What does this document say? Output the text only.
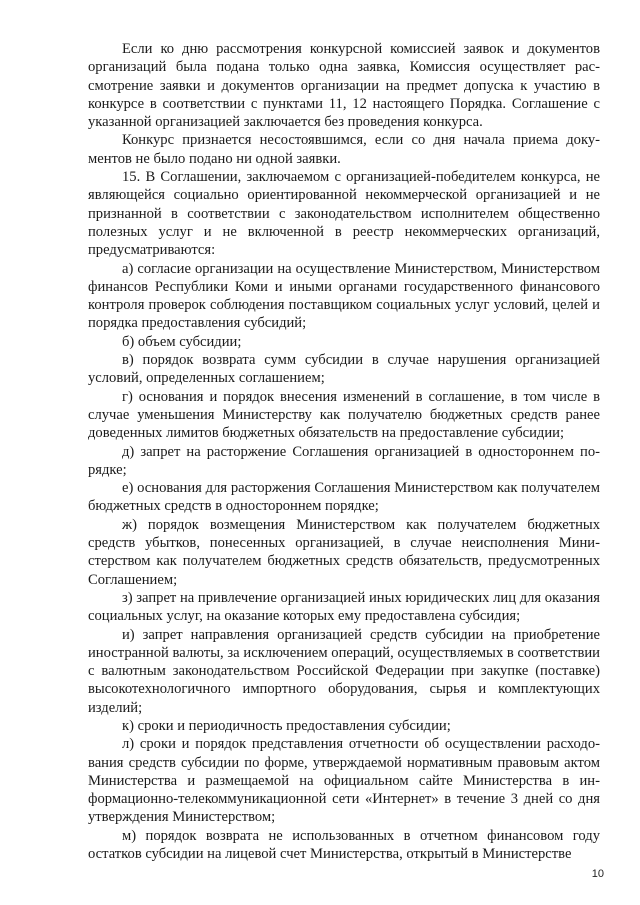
Если ко дню рассмотрения конкурсной комиссией заявок и документов организаций была подана только одна заявка, Комиссия осуществляет рассмотрение заявки и документов организации на предмет допуска к участию в конкурсе в соответствии с пунктами 11, 12 настоящего Порядка. Соглашение с указанной организацией заключается без проведения конкурса.

Конкурс признается несостоявшимся, если со дня начала приема документов не было подано ни одной заявки.

15. В Соглашении, заключаемом с организацией-победителем конкурса, не являющейся социально ориентированной некоммерческой организацией и не признанной в соответствии с законодательством исполнителем общественно полезных услуг и не включенной в реестр некоммерческих организаций, предусматриваются:

а) согласие организации на осуществление Министерством, Министерством финансов Республики Коми и иными органами государственного финансового контроля проверок соблюдения поставщиком социальных услуг условий, целей и порядка предоставления субсидий;

б) объем субсидии;

в) порядок возврата сумм субсидии в случае нарушения организацией условий, определенных соглашением;

г) основания и порядок внесения изменений в соглашение, в том числе в случае уменьшения Министерству как получателю бюджетных средств ранее доведенных лимитов бюджетных обязательств на предоставление субсидии;

д) запрет на расторжение Соглашения организацией в одностороннем порядке;

е) основания для расторжения Соглашения Министерством как получателем бюджетных средств в одностороннем порядке;

ж) порядок возмещения Министерством как получателем бюджетных средств убытков, понесенных организацией, в случае неисполнения Министерством как получателем бюджетных средств обязательств, предусмотренных Соглашением;

з) запрет на привлечение организацией иных юридических лиц для оказания социальных услуг, на оказание которых ему предоставлена субсидия;

и) запрет направления организацией средств субсидии на приобретение иностранной валюты, за исключением операций, осуществляемых в соответствии с валютным законодательством Российской Федерации при закупке (поставке) высокотехнологичного импортного оборудования, сырья и комплектующих изделий;

к) сроки и периодичность предоставления субсидии;

л) сроки и порядок представления отчетности об осуществлении расходования средств субсидии по форме, утверждаемой нормативным правовым актом Министерства и размещаемой на официальном сайте Министерства в информационно-телекоммуникационной сети «Интернет» в течение 3 дней со дня утверждения Министерством;

м) порядок возврата не использованных в отчетном финансовом году остатков субсидии на лицевой счет Министерства, открытый в Министерстве

10
